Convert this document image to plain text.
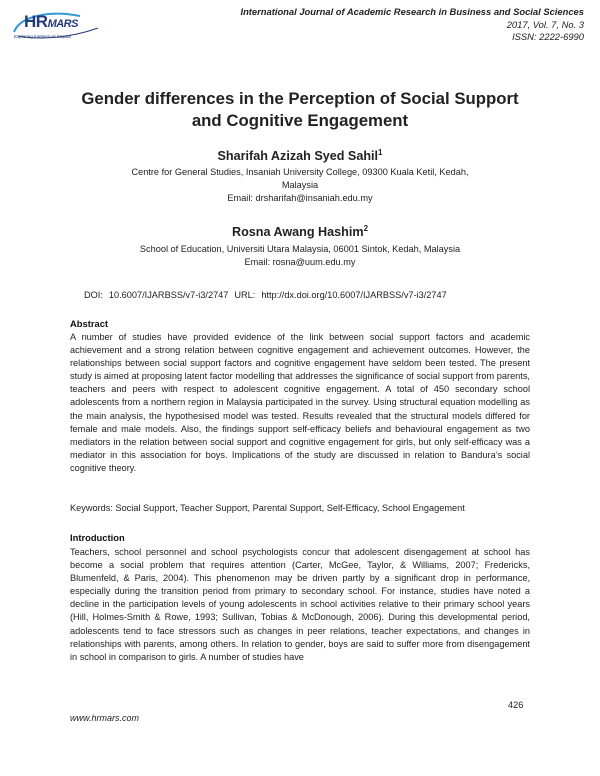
HRMARS
Exploring Intellectual Capital
International Journal of Academic Research in Business and Social Sciences
2017, Vol. 7, No. 3
ISSN: 2222-6990
Gender differences in the Perception of Social Support
and Cognitive Engagement
Sharifah Azizah Syed Sahil$^1$
Centre for General Studies, Insaniah University College, 09300 Kuala Ketil, Kedah,
Malaysia
Email: drsharifah@insaniah.edu.my
Rosna Awang Hashim$^2$
School of Education, Universiti Utara Malaysia, 06001 Sintok, Kedah, Malaysia
Email: rosna@uum.edu.my
DOI: 10.6007/IJARBSS/v7-i3/2747 URL: http://dx.doi.org/10.6007/IJARBSS/v7-i3/2747
Abstract
A number of studies have provided evidence of the link between social support factors and academic achievement and a strong relation between cognitive engagement and achievement outcomes. However, the relationships between social support factors and cognitive engagement have seldom been tested. The present study is aimed at proposing latent factor modelling that addresses the significance of social support from parents, teachers and peers with respect to adolescent cognitive engagement. A total of 450 secondary school adolescents from a northern region in Malaysia participated in the survey. Using structural equation modelling as the main analysis, the hypothesised model was tested. Results revealed that the structural models differed for female and male models. Also, the findings support self-efficacy beliefs and behavioural engagement as two mediators in the relation between social support and cognitive engagement for girls, but only self-efficacy was a mediator in this association for boys. Implications of the study are discussed in relation to Bandura’s social cognitive theory.
Keywords: Social Support, Teacher Support, Parental Support, Self-Efficacy, School Engagement
Introduction
Teachers, school personnel and school psychologists concur that adolescent disengagement at school has become a social problem that requires attention (Carter, McGee, Taylor, & Williams, 2007; Fredericks, Blumenfeld, & Paris, 2004). This phenomenon may be driven partly by a significant drop in performance, especially during the transition period from primary to secondary school. For instance, studies have noted a decline in the participation levels of young adolescents in school activities relative to their primary school years (Hill, Holmes-Smith & Rowe, 1993; Sullivan, Tobias & McDonough, 2006). During this developmental period, adolescents tend to face stressors such as changes in peer relations, teacher expectations, and changes in relationships with parents, among others. In relation to gender, boys are said to suffer more from disengagement in school in comparison to girls. A number of studies have
426
www.hrmars.com
